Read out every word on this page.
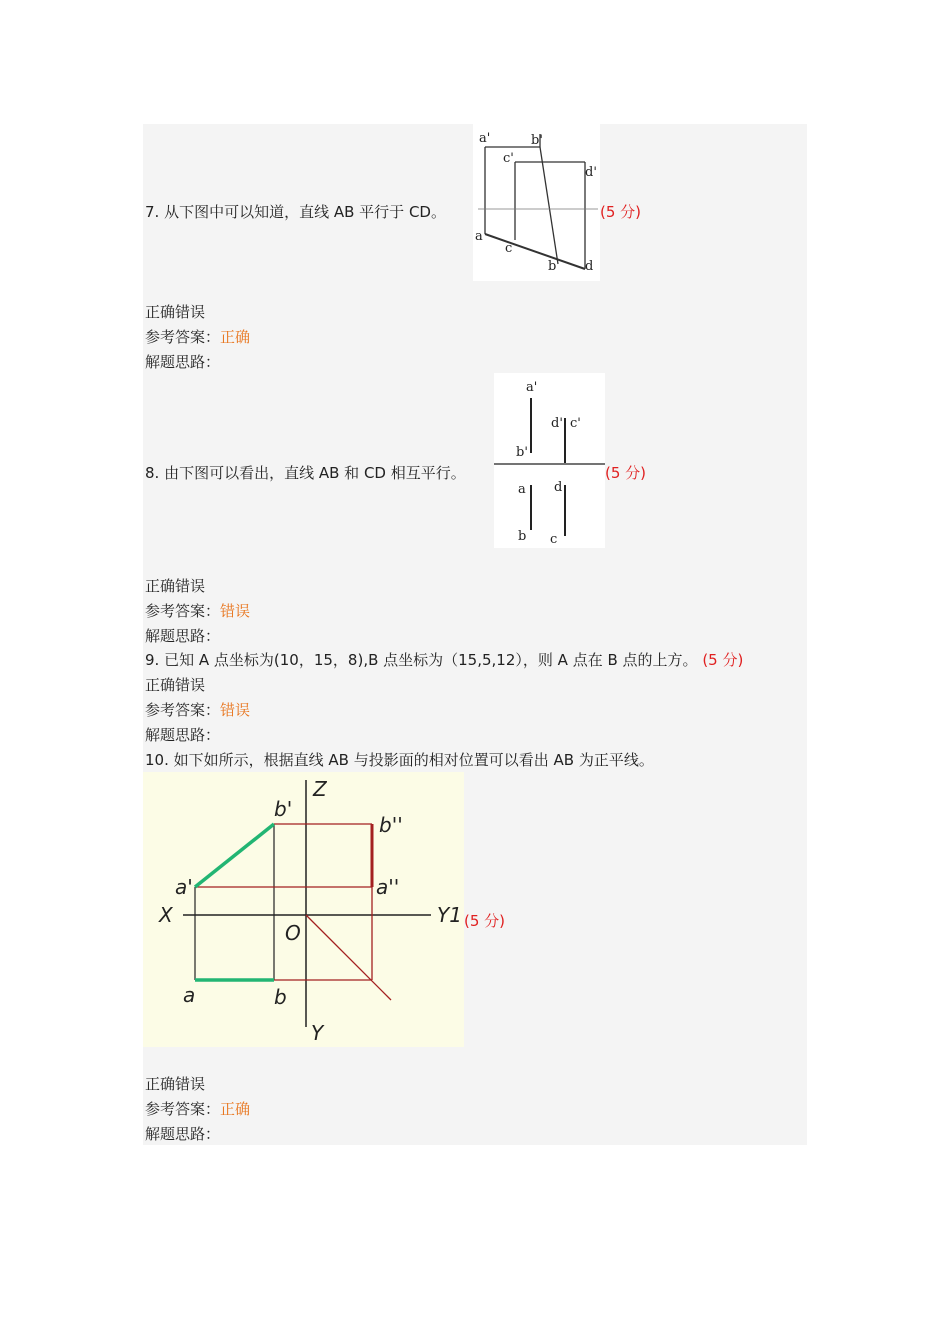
7. 从下图中可以知道，直线 AB 平行于 CD。	(5 分)
a'	b'
c'
d'
a
c
b d
正确错误
参考答案：正确
解题思路：
8. 由下图可以看出，直线 AB 和 CD 相互平行。	(5 分)
a'
d' c'
b'
a d
b c
正确错误
参考答案：错误
解题思路：
9. 已知 A 点坐标为(10，15，8),B 点坐标为（15,5,12），则 A 点在 B 点的上方。 (5 分)
正确错误
参考答案：错误
解题思路：
10. 如下如所示，根据直线 AB 与投影面的相对位置可以看出 AB 为正平线。
Z
b'
b''
a'	a''
X
O
Y1
a	b
Y
(5 分)
正确错误
参考答案：正确
解题思路：
